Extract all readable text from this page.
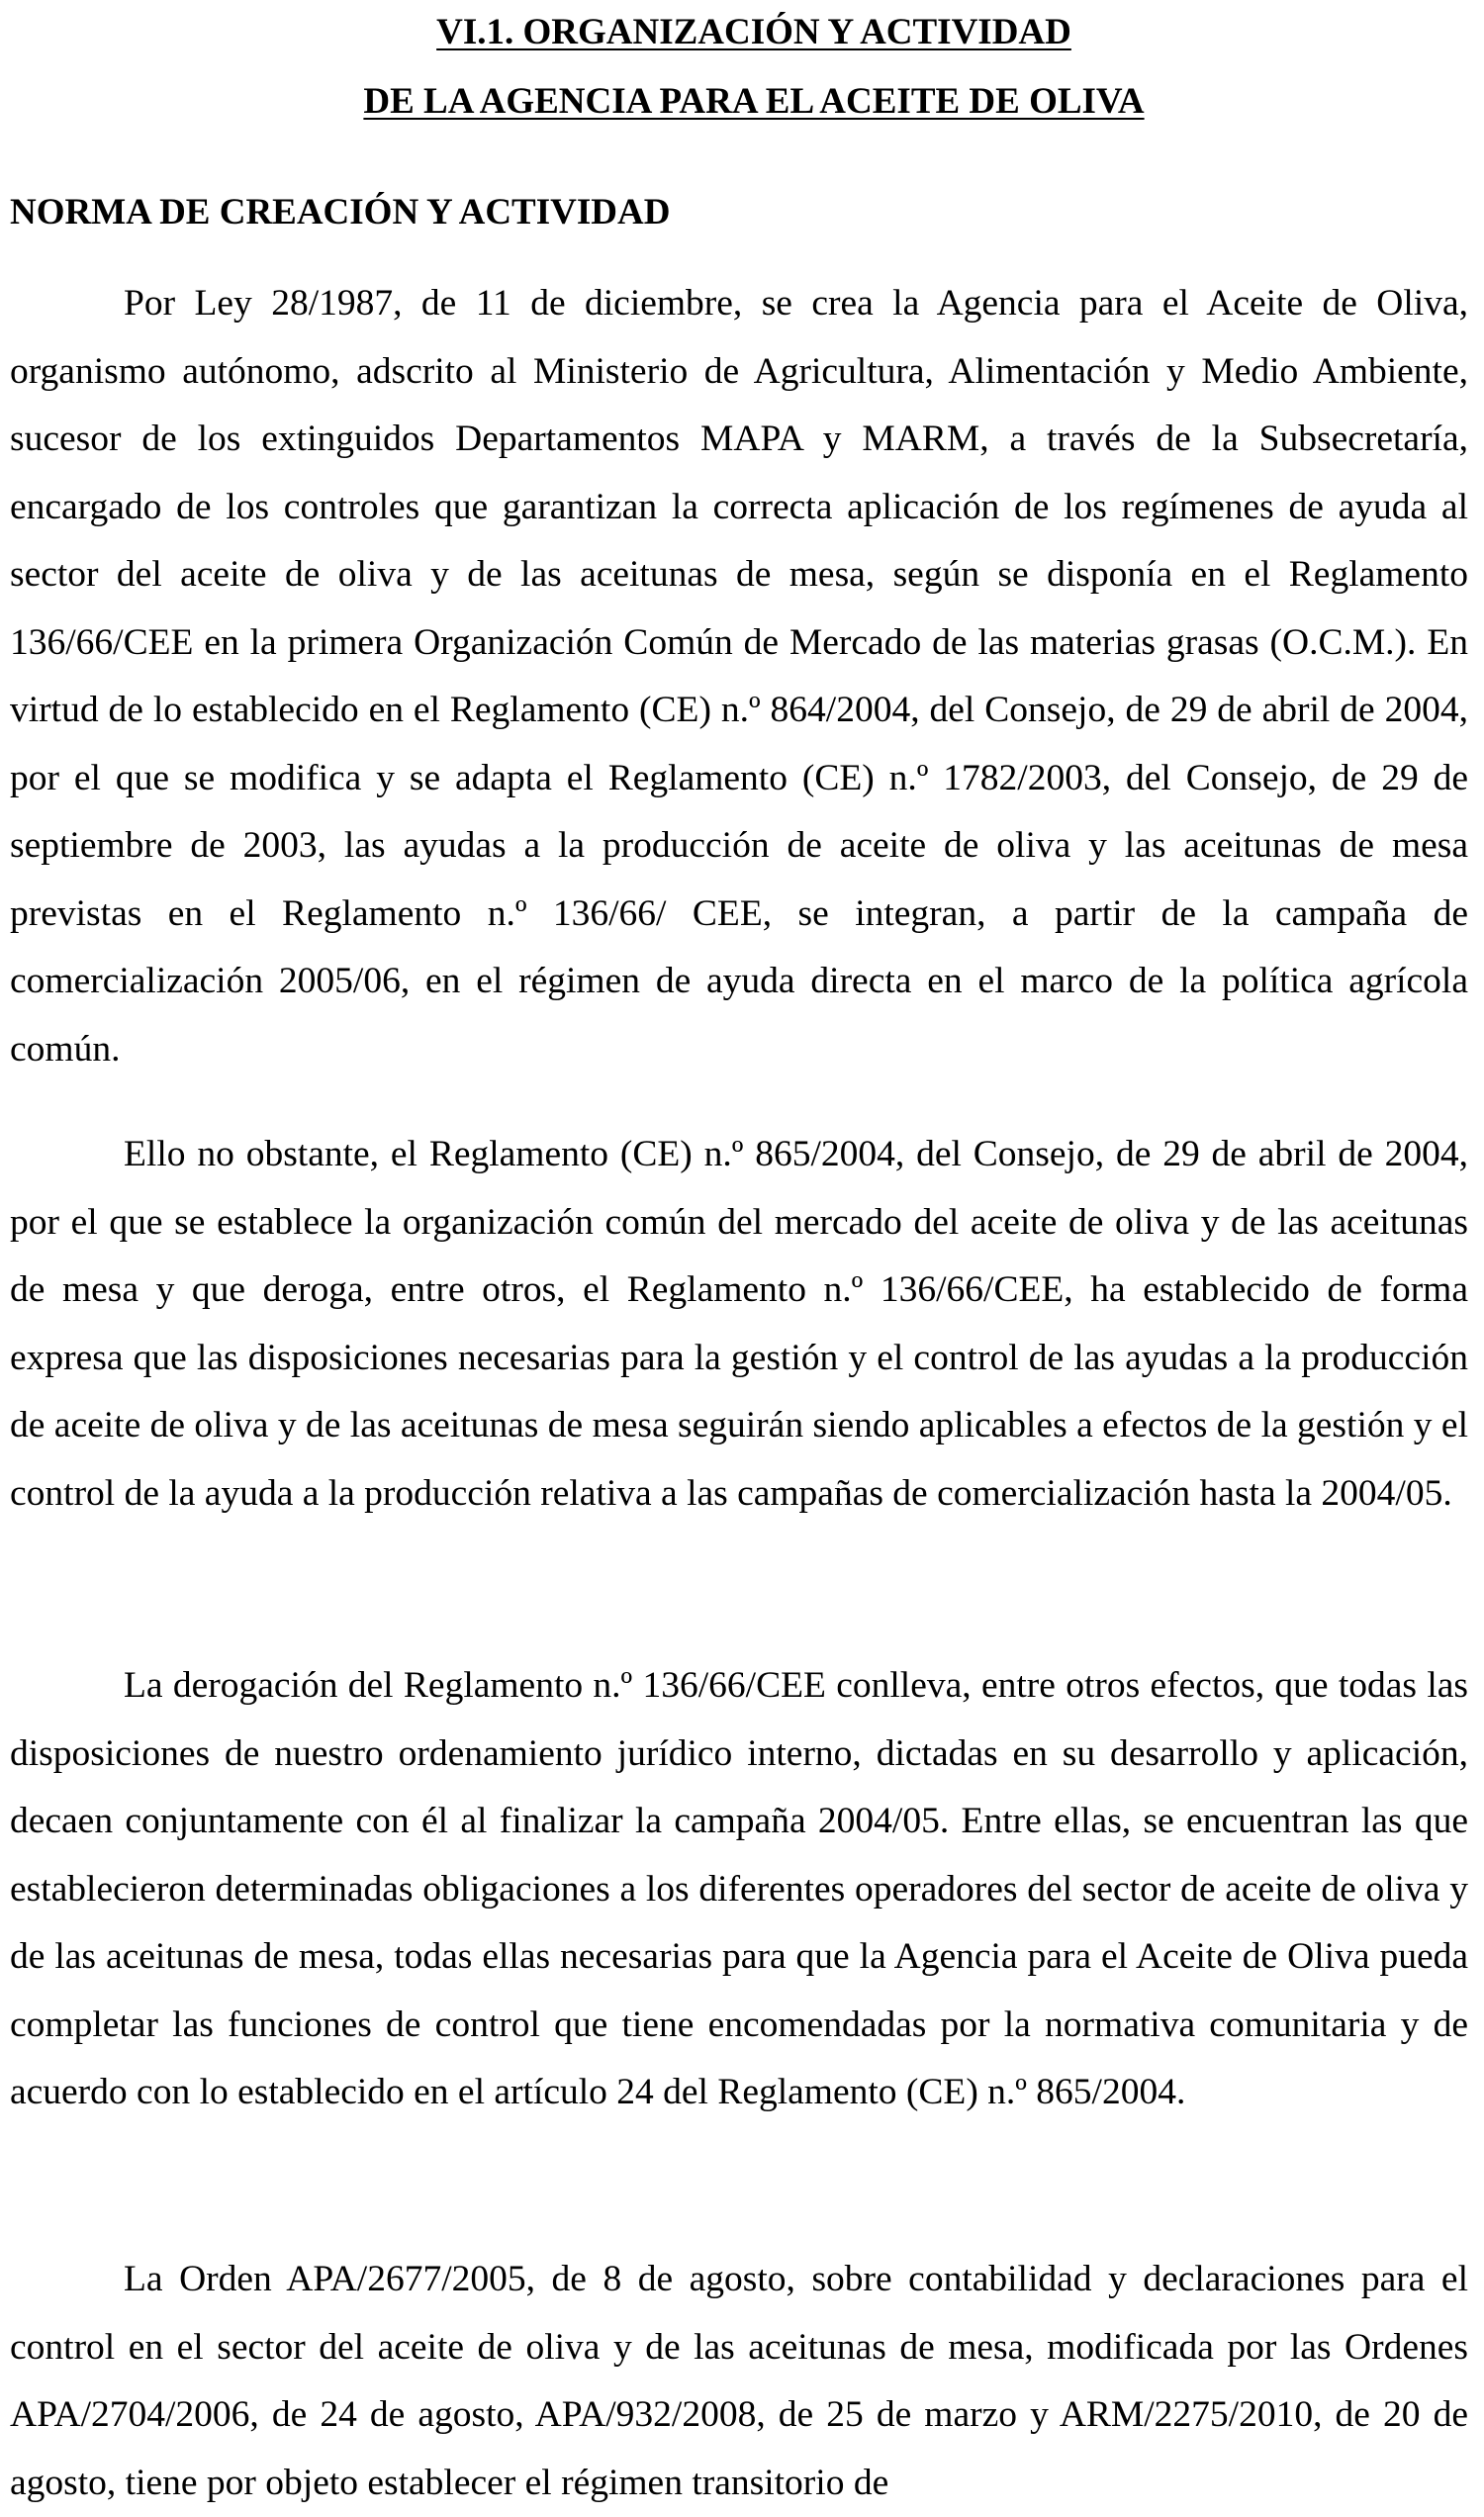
VI.1. ORGANIZACIÓN Y ACTIVIDAD
DE LA AGENCIA PARA EL ACEITE DE OLIVA
NORMA DE CREACIÓN Y ACTIVIDAD

Por Ley 28/1987, de 11 de diciembre, se crea la Agencia para el Aceite de Oliva, organismo autónomo, adscrito al Ministerio de Agricultura, Alimentación y Medio Ambiente, sucesor de los extinguidos Departamentos MAPA y MARM, a través de la Subsecretaría, encargado de los controles que garantizan la correcta aplicación de los regímenes de ayuda al sector del aceite de oliva y de las aceitunas de mesa, según se disponía en el Reglamento 136/66/CEE en la primera Organización Común de Mercado de las materias grasas (O.C.M.). En virtud de lo establecido en el Reglamento (CE) n.º 864/2004, del Consejo, de 29 de abril de 2004, por el que se modifica y se adapta el Reglamento (CE) n.º 1782/2003, del Consejo, de 29 de septiembre de 2003, las ayudas a la producción de aceite de oliva y las aceitunas de mesa previstas en el Reglamento n.º 136/66/ CEE, se integran, a partir de la campaña de comercialización 2005/06, en el régimen de ayuda directa en el marco de la política agrícola común.

Ello no obstante, el Reglamento (CE) n.º 865/2004, del Consejo, de 29 de abril de 2004, por el que se establece la organización común del mercado del aceite de oliva y de las aceitunas de mesa y que deroga, entre otros, el Reglamento n.º 136/66/CEE, ha establecido de forma expresa que las disposiciones necesarias para la gestión y el control de las ayudas a la producción de aceite de oliva y de las aceitunas de mesa seguirán siendo aplicables a efectos de la gestión y el control de la ayuda a la producción relativa a las campañas de comercialización hasta la 2004/05.

La derogación del Reglamento n.º 136/66/CEE conlleva, entre otros efectos, que todas las disposiciones de nuestro ordenamiento jurídico interno, dictadas en su desarrollo y aplicación, decaen conjuntamente con él al finalizar la campaña 2004/05. Entre ellas, se encuentran las que establecieron determinadas obligaciones a los diferentes operadores del sector de aceite de oliva y de las aceitunas de mesa, todas ellas necesarias para que la Agencia para el Aceite de Oliva pueda completar las funciones de control que tiene encomendadas por la normativa comunitaria y de acuerdo con lo establecido en el artículo 24 del Reglamento (CE) n.º 865/2004.

La Orden APA/2677/2005, de 8 de agosto, sobre contabilidad y declaraciones para el control en el sector del aceite de oliva y de las aceitunas de mesa, modificada por las Ordenes APA/2704/2006, de 24 de agosto, APA/932/2008, de 25 de marzo y ARM/2275/2010, de 20 de agosto, tiene por objeto establecer el régimen transitorio de
